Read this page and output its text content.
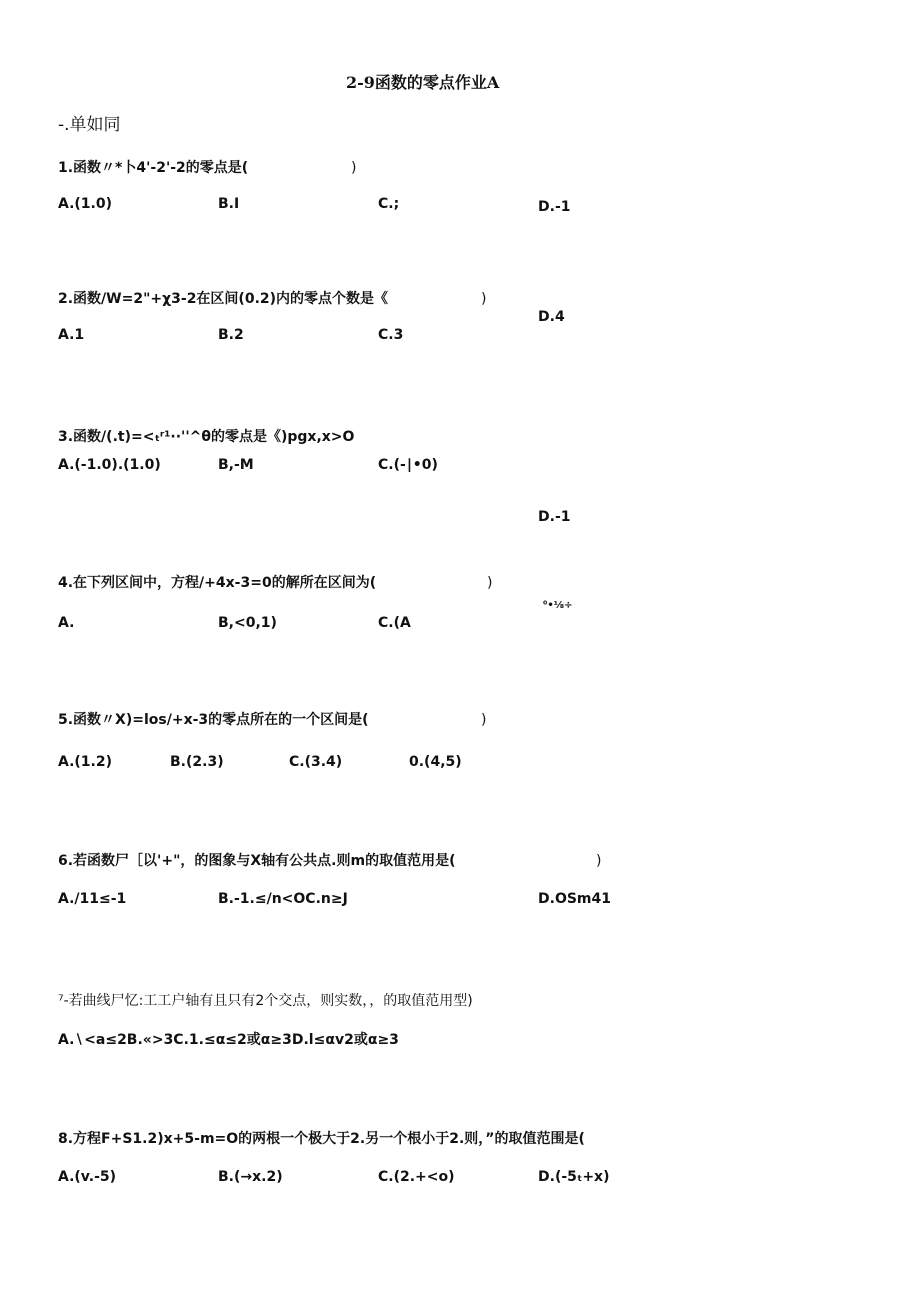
2-9函数的零点作业A
-.单如同
1.函数〃*卜4'-2'-2的零点是(	)
A.(1.0)	B.I	C.;	D.-1
2.函数/W=2"+χ3-2在区间(0.2)内的零点个数是《	)
A.1	B.2	C.3
D.4
3.函数/(.t)=<ₜʳ¹··''^θ的零点是《)pgx,x>O
A.(-1.0).(1.0)	B,-M	C.(-∣•0)
D.-1
4.在下列区间中，方程/+4x-3=0的解所在区间为(	)
A.	B,<0,1)	C.(A
⁰•⅛÷
5.函数〃X)=los/+x-3的零点所在的一个区间是(	)
A.(1.2)	B.(2.3)	C.(3.4)	0.(4,5)
6.若函数尸［以'+"，的图象与X轴有公共点.则m的取值范用是(	)
A./11≤-1	B.-1.≤/n<OC.n≥J	D.OSm41
⁷-若曲线尸忆:工工户轴有且只有2个交点，则实数，，的取值范用型)
A.∖<a≤2B.«>3C.1.≤α≤2或α≥3D.l≤αv2或α≥3
8.方程F+S1.2)x+5-m=O的两根一个极大于2.另一个根小于2.则，”的取值范围是(
A.(v.-5)	B.(→x.2)	C.(2.+<o)	D.(-5ₜ+x)
